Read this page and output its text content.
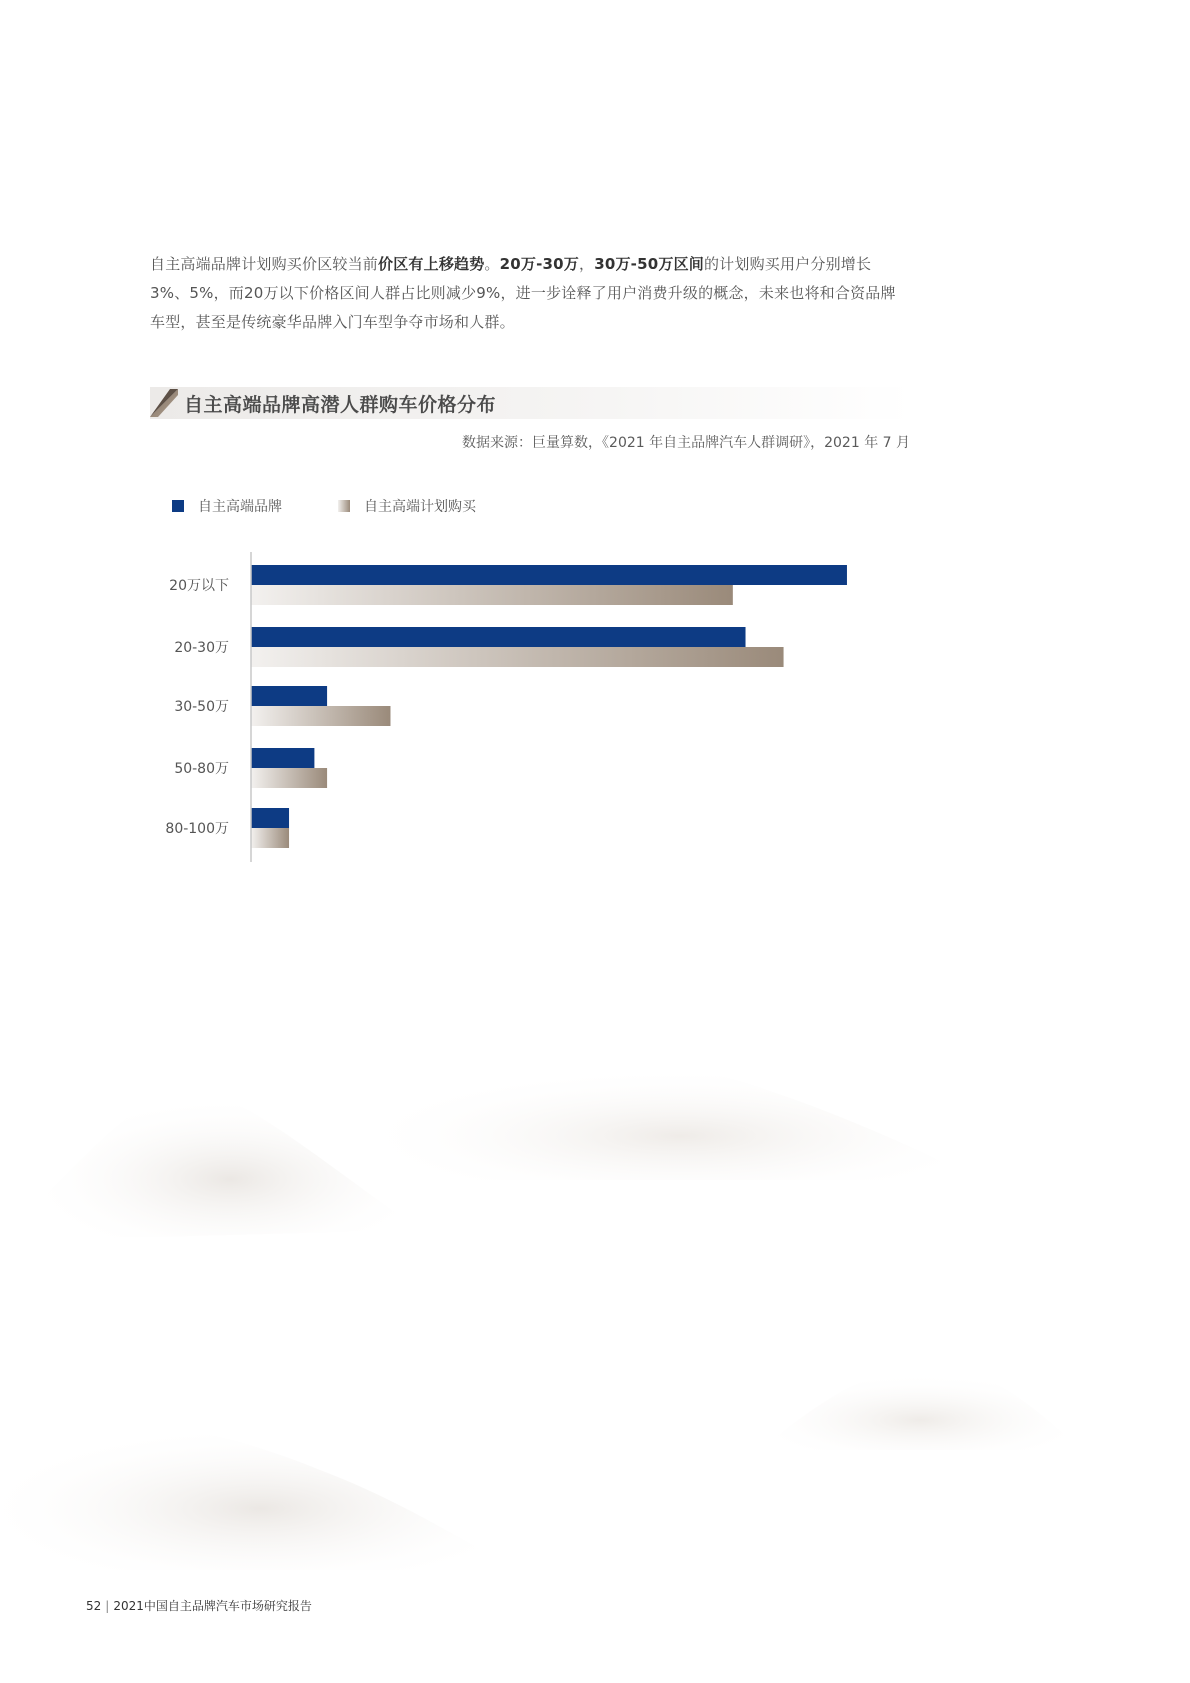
自主高端品牌计划购买价区较当前价区有上移趋势。20万-30万，30万-50万区间的计划购买用户分别增长3%、5%，而20万以下价格区间人群占比则减少9%，进一步诠释了用户消费升级的概念，未来也将和合资品牌车型，甚至是传统豪华品牌入门车型争夺市场和人群。
自主高端品牌高潜人群购车价格分布
数据来源：巨量算数，《2021 年自主品牌汽车人群调研》，2021 年 7 月
自主高端品牌	自主高端计划购买
20万以下
20-30万
30-50万
50-80万
80-100万
52 | 2021中国自主品牌汽车市场研究报告
